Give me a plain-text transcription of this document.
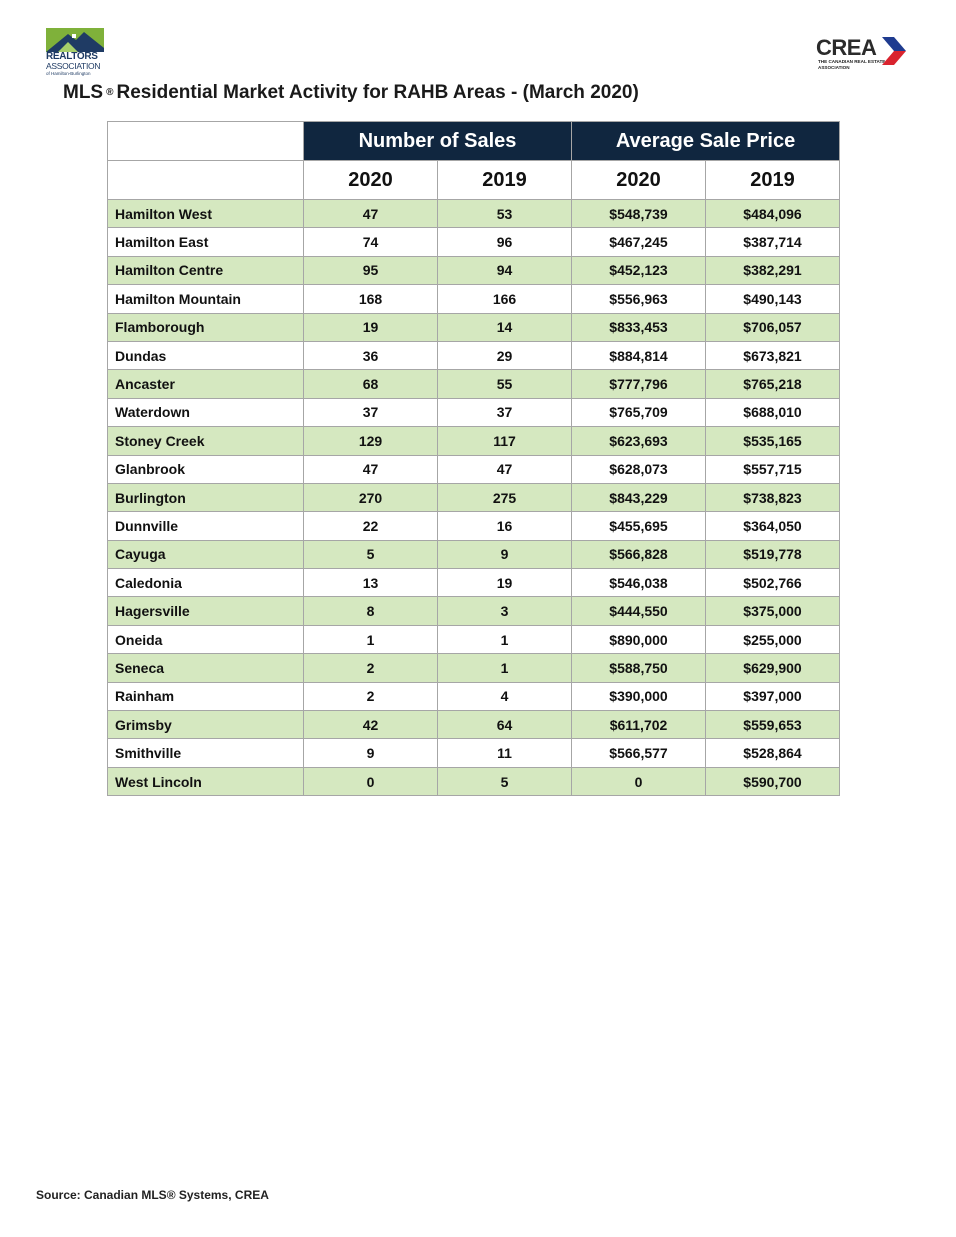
REALTORS
ASSOCIATION
of Hamilton-Burlington
CREA
THE CANADIAN REAL ESTATE ASSOCIATION
MLS ® Residential Market Activity for RAHB Areas - (March 2020)
	Number of Sales		Average Sale Price	
	2020	2019	2020	2019
Hamilton West	47	53	$548,739	$484,096
Hamilton East	74	96	$467,245	$387,714
Hamilton Centre	95	94	$452,123	$382,291
Hamilton Mountain	168	166	$556,963	$490,143
Flamborough	19	14	$833,453	$706,057
Dundas	36	29	$884,814	$673,821
Ancaster	68	55	$777,796	$765,218
Waterdown	37	37	$765,709	$688,010
Stoney Creek	129	117	$623,693	$535,165
Glanbrook	47	47	$628,073	$557,715
Burlington	270	275	$843,229	$738,823
Dunnville	22	16	$455,695	$364,050
Cayuga	5	9	$566,828	$519,778
Caledonia	13	19	$546,038	$502,766
Hagersville	8	3	$444,550	$375,000
Oneida	1	1	$890,000	$255,000
Seneca	2	1	$588,750	$629,900
Rainham	2	4	$390,000	$397,000
Grimsby	42	64	$611,702	$559,653
Smithville	9	11	$566,577	$528,864
West Lincoln	0	5	0	$590,700
Source: Canadian MLS® Systems, CREA
